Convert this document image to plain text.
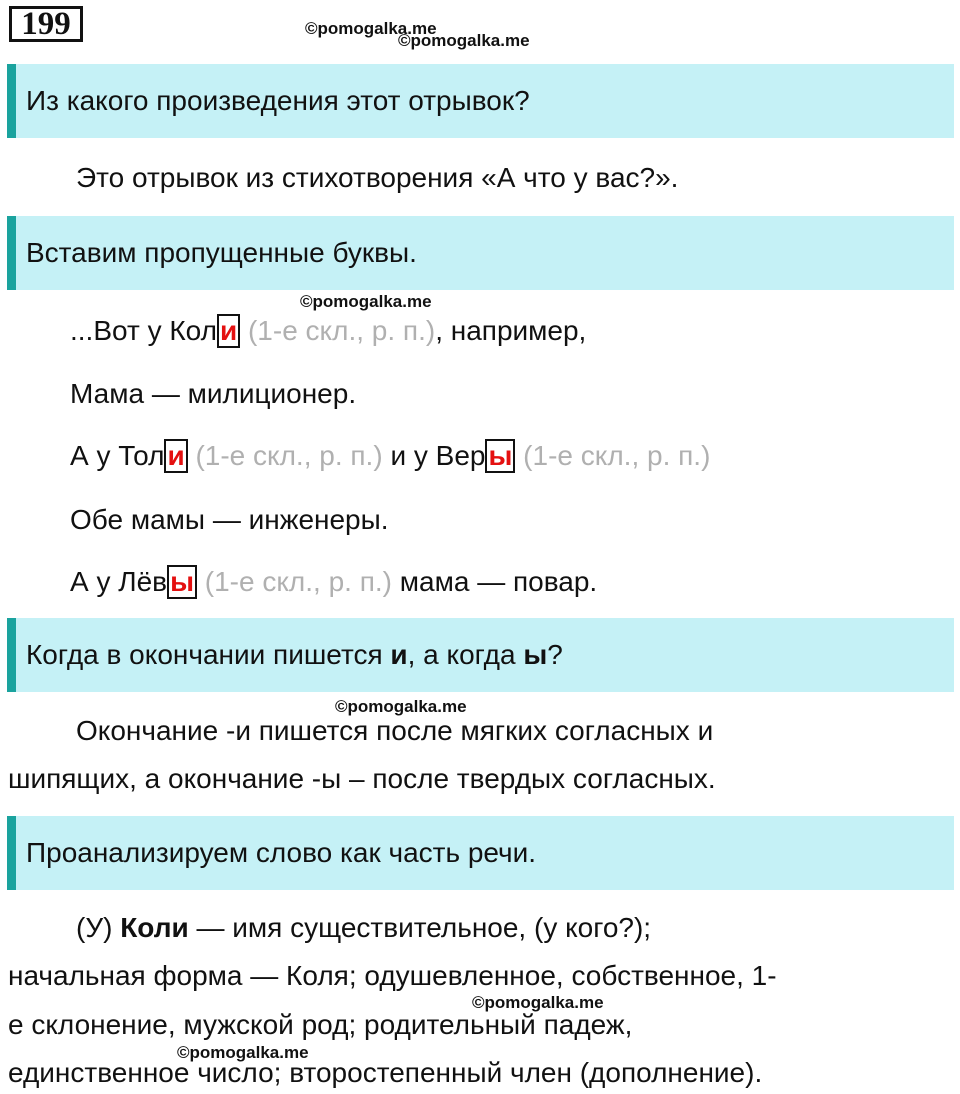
199	©pomogalka.me
©pomogalka.me
Из какого произведения этот отрывок?
Это отрывок из стихотворения «А что у вас?».
Вставим пропущенные буквы.
©pomogalka.me
...Вот у Кол и (1-е скл., р. п.), например,
Мама — милиционер.
А у Тол и (1-е скл., р. п.) и у Вер ы (1-е скл., р. п.)
Обе мамы — инженеры.
А у Лёв ы (1-е скл., р. п.) мама — повар.
Когда в окончании пишется и, а когда ы?
©pomogalka.me
Окончание -и пишется после мягких согласных и
шипящих, а окончание -ы – после твердых согласных.
Проанализируем слово как часть речи.
(У) Коли — имя существительное, (у кого?);
начальная форма — Коля; одушевленное, собственное, 1-
©pomogalka.me
е склонение, мужской род; родительный падеж,
©pomogalka.me
единственное число; второстепенный член (дополнение).
